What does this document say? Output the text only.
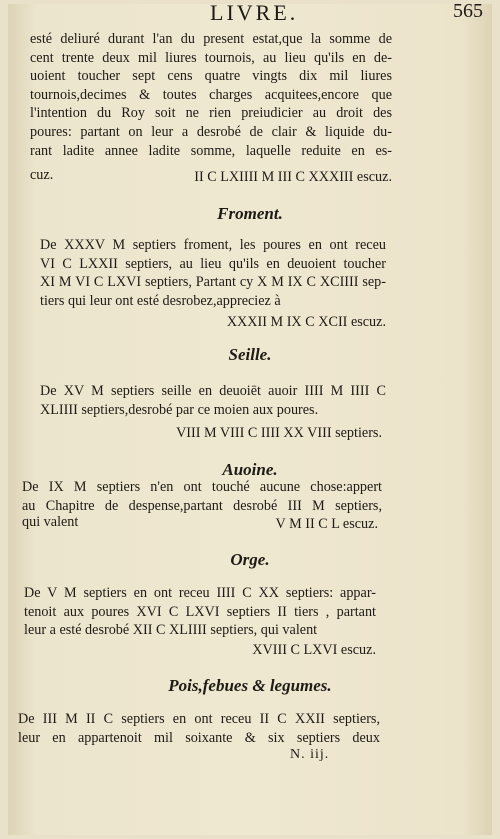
LIVRE.	565
esté deliuré durant l'an du present estat,que la somme de
cent trente deux mil liures tournois, au lieu qu'ils en de-
uoient toucher sept cens quatre vingts dix mil liures
tournois,decimes & toutes charges acquitees,encore que
l'intention du Roy soit ne rien preiudicier au droit des
poures: partant on leur a desrobé de clair & liquide du-
rant ladite annee ladite somme, laquelle reduite en es-
cuz.	II C LXIIII M III C XXXIII escuz.
Froment.
De XXXV M septiers froment, les poures en ont receu
VI C LXXII septiers, au lieu qu'ils en deuoient toucher
XI M VI C LXVI septiers, Partant cy X M IX C XCIIII sep-
tiers qui leur ont esté desrobez,appreciez à
XXXII M IX C XCII escuz.
Seille.
De XV M septiers seille en deuoiēt auoir IIII M IIII C
XLIIII septiers,desrobé par ce moien aux poures.
VIII M VIII C IIII XX VIII septiers.
Auoine.
De IX M septiers n'en ont touché aucune chose:appert
au Chapitre de despense,partant desrobé III M septiers,
qui valent	V M II C L escuz.
Orge.
De V M septiers en ont receu IIII C XX septiers: appar-
tenoit aux poures XVI C LXVI septiers II tiers , partant
leur a esté desrobé XII C XLIIII septiers, qui valent
XVIII C LXVI escuz.
Pois,febues & legumes.
De III M II C septiers en ont receu II C XXII septiers,
leur en appartenoit mil soixante & six septiers deux
N. iij.
